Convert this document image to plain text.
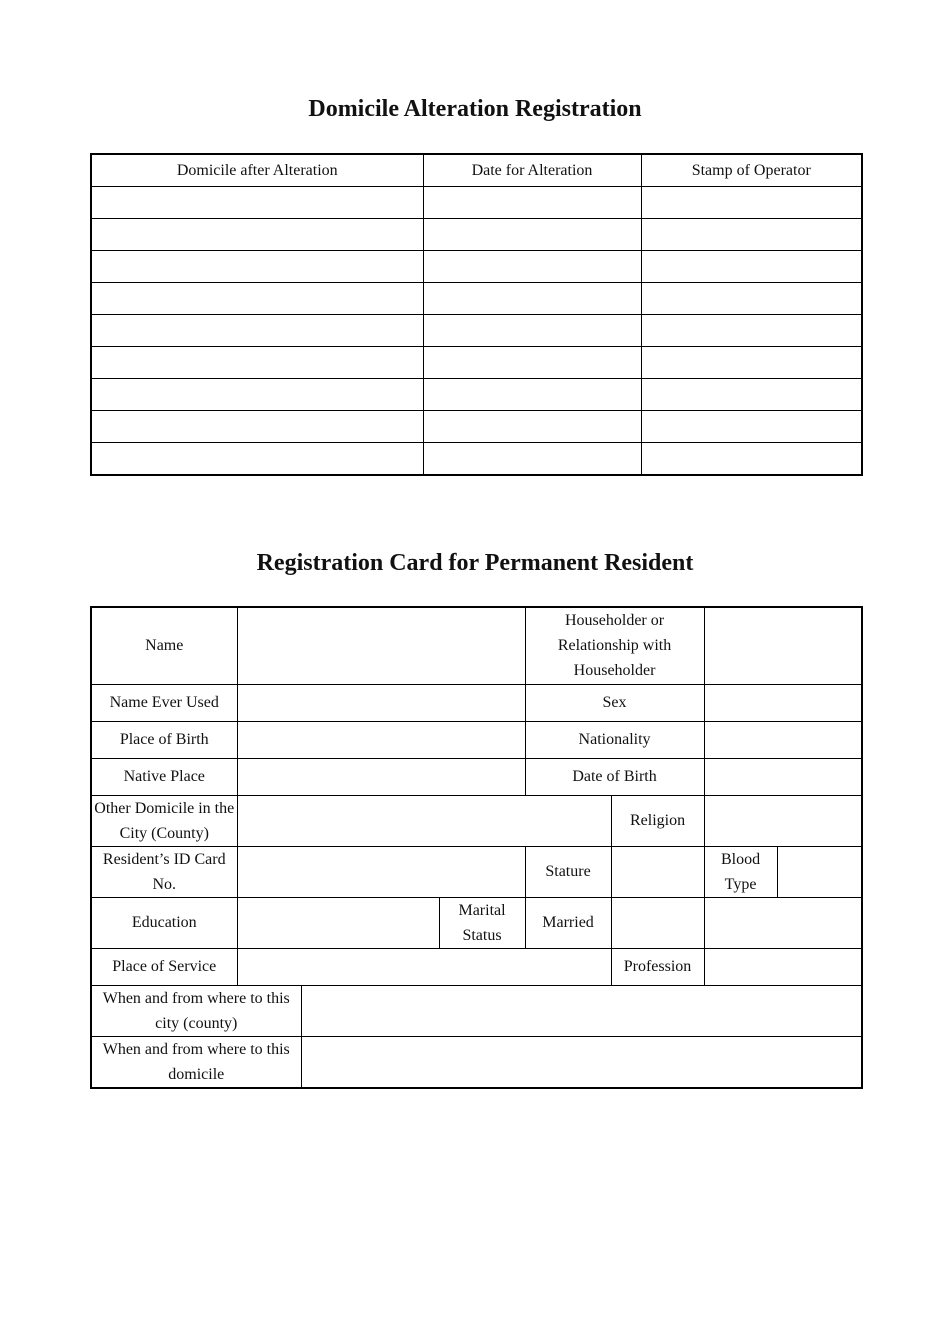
Domicile Alteration Registration
Domicile after Alteration	Date for Alteration	Stamp of Operator

Registration Card for Permanent Resident
Name				Householder or Relationship with Householder			
Name Ever Used				Sex			
Place of Birth				Nationality			
Native Place				Date of Birth			
Other Domicile in the City (County)					Religion		
Resident’s ID Card No.				Stature		Blood Type	
Education			Marital Status	Married			
Place of Service					Profession		
When and from where to this city (county)							
When and from where to this domicile							
